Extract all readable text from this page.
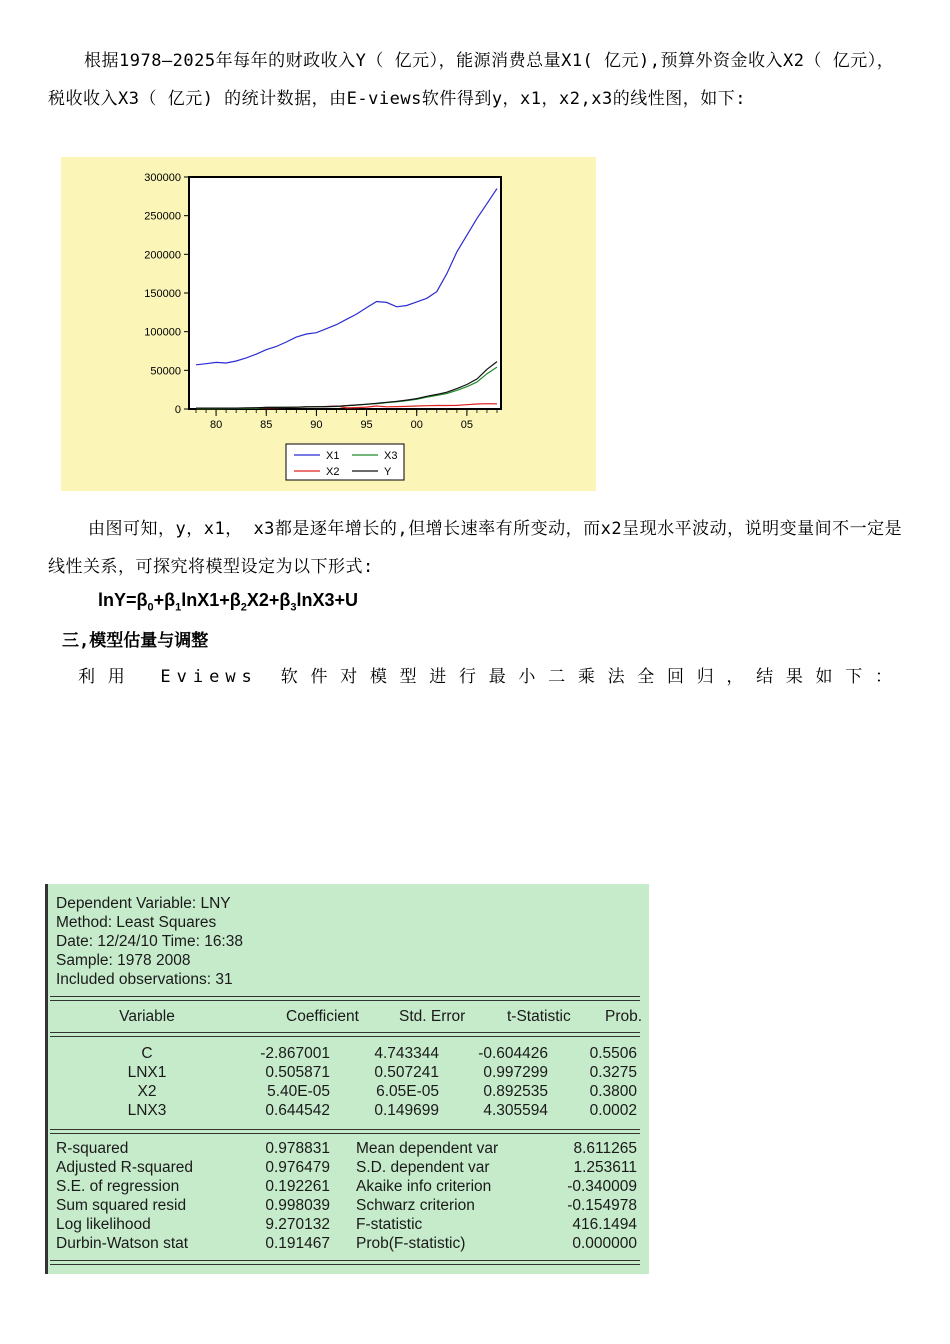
根据1978—2025年每年的财政收入Y（ 亿元），能源消费总量X1( 亿元),预算外资金收入X2（ 亿元），税收收入X3（ 亿元) 的统计数据，由E-views软件得到y，x1，x2,x3的线性图，如下:
0
50000
100000
150000
200000
250000
300000
80	85	90	95	00	05
X1	X3
X2	Y
由图可知，y，x1， x3都是逐年增长的,但增长速率有所变动，而x2呈现水平波动，说明变量间不一定是线性关系，可探究将模型设定为以下形式:
$\ln Y=\beta_0+\beta_1\ln X1+\beta_2X2+\beta_3\ln X3+U$
三,模型估量与调整
利用 Eviews 软件对模型进行最小二乘法全回归，结果如下：
Dependent Variable: LNY
Method: Least Squares
Date: 12/24/10 Time: 16:38
Sample: 1978 2008
Included observations: 31
Variable	Coefficient	Std. Error	t-Statistic Prob.
C	-2.867001	4.743344	-0.604426	0.5506
LNX1	0.505871	0.507241	0.997299	0.3275
X2	5.40E-05	6.05E-05	0.892535	0.3800
LNX3	0.644542	0.149699	4.305594	0.0002
R-squared	0.978831 Mean dependent var	8.611265
Adjusted R-squared	0.976479 S.D. dependent var	1.253611
S.E. of regression	0.192261 Akaike info criterion	-0.340009
Sum squared resid	0.998039 Schwarz criterion	-0.154978
Log likelihood	9.270132 F-statistic	416.1494
Durbin-Watson stat	0.191467 Prob(F-statistic)	0.000000
